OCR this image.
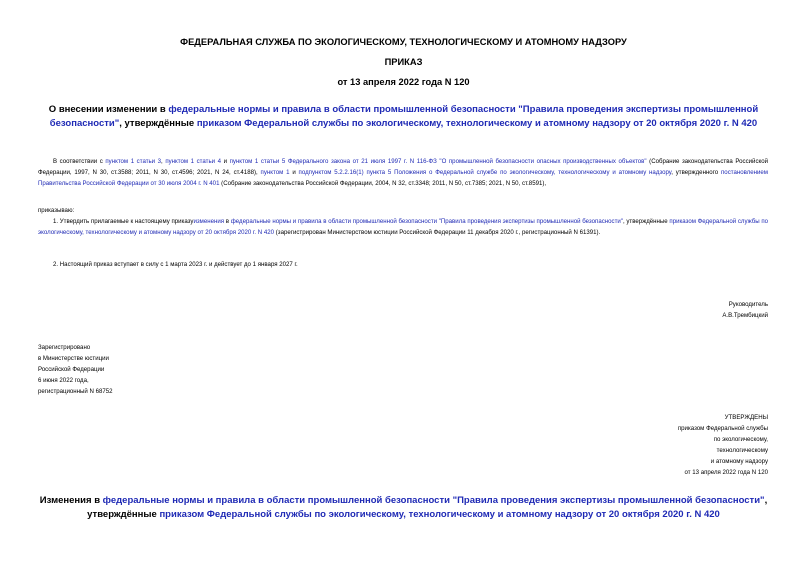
ФЕДЕРАЛЬНАЯ СЛУЖБА ПО ЭКОЛОГИЧЕСКОМУ, ТЕХНОЛОГИЧЕСКОМУ И АТОМНОМУ НАДЗОРУ
ПРИКАЗ
от 13 апреля 2022 года N 120
О внесении изменении в федеральные нормы и правила в области промышленной безопасности "Правила проведения экспертизы промышленной безопасности", утверждённые приказом Федеральной службы по экологическому, технологическому и атомному надзору от 20 октября 2020 г. N 420
В соответствии с пунктом 1 статьи 3, пунктом 1 статьи 4 и пунктом 1 статьи 5 Федерального закона от 21 июля 1997 г. N 116-ФЗ "О промышленной безопасности опасных производственных объектов" (Собрание законодательства Российской Федерации, 1997, N 30, ст.3588; 2011, N 30, ст.4596; 2021, N 24, ст.4188), пунктом 1 и подпунктом 5.2.2.16(1) пункта 5 Положения о Федеральной службе по экологическому, технологическому и атомному надзору, утвержденного постановлением Правительства Российской Федерации от 30 июля 2004 г. N 401 (Собрание законодательства Российской Федерации, 2004, N 32, ст.3348; 2011, N 50, ст.7385; 2021, N 50, ст.8591),
приказываю:
1. Утвердить прилагаемые к настоящему приказуизменения в федеральные нормы и правила в области промышленной безопасности "Правила проведения экспертизы промышленной безопасности", утверждённые приказом Федеральной службы по экологическому, технологическому и атомному надзору от 20 октября 2020 г. N 420 (зарегистрирован Министерством юстиции Российской Федерации 11 декабря 2020 г., регистрационный N 61391).
2. Настоящий приказ вступает в силу с 1 марта 2023 г. и действует до 1 января 2027 г.
Руководитель
А.В.Трембицкий
Зарегистрировано
в Министерстве юстиции
Российской Федерации
6 июня 2022 года,
регистрационный N 68752
УТВЕРЖДЕНЫ
приказом Федеральной службы
по экологическому,
технологическому
и атомному надзору
от 13 апреля 2022 года N 120
Изменения в федеральные нормы и правила в области промышленной безопасности "Правила проведения экспертизы промышленной безопасности", утверждённые приказом Федеральной службы по экологическому, технологическому и атомному надзору от 20 октября 2020 г. N 420
